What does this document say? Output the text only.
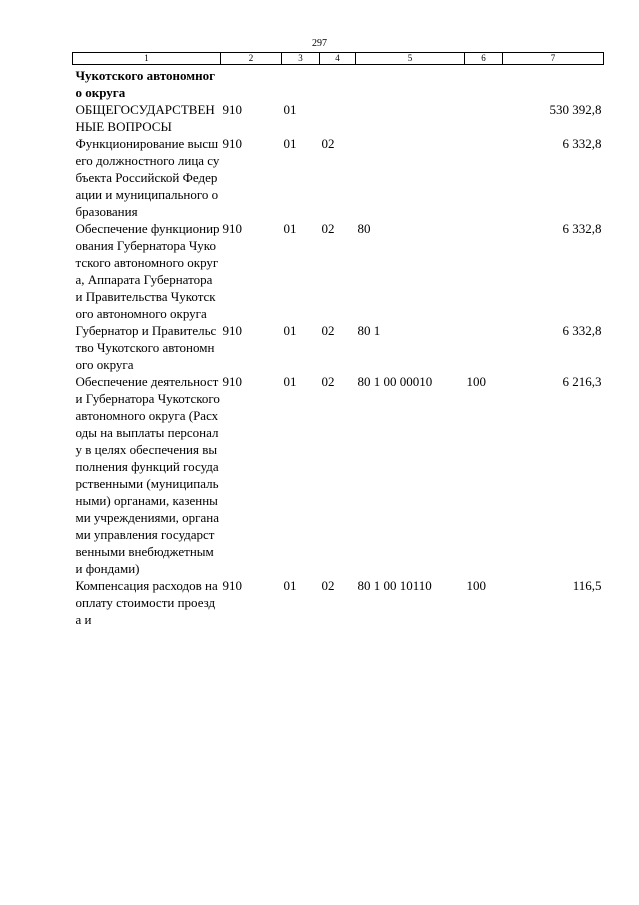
297
1	2	3	4	5	6	7
Чукотского автономного округа						
ОБЩЕГОСУДАРСТВЕННЫЕ ВОПРОСЫ	910	01				530 392,8
Функционирование высшего должностного лица субъекта Российской Федерации и муниципального образования	910	01	02			6 332,8
Обеспечение функционирования Губернатора Чукотского автономного округа, Аппарата Губернатора и Правительства Чукотского автономного округа	910	01	02	80		6 332,8
Губернатор и Правительство Чукотского автономного округа	910	01	02	80 1		6 332,8
Обеспечение деятельности Губернатора Чукотского автономного округа (Расходы на выплаты персоналу в целях обеспечения выполнения функций государственными (муниципальными) органами, казенными учреждениями, органами управления государственными внебюджетными фондами)	910	01	02	80 1 00 00010	100	6 216,3
Компенсация расходов на оплату стоимости проезда и	910	01	02	80 1 00 10110	100	116,5
